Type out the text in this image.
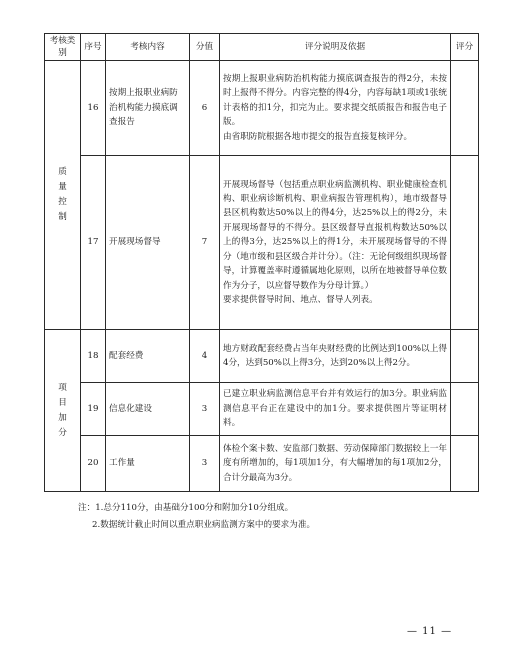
考核类别	序号	考核内容	分值	评分说明及依据	评分

质量控制	16	按期上报职业病防治机构能力摸底调查报告	6	按期上报职业病防治机构能力摸底调查报告的得2分，未按时上报得不得分。内容完整的得4分，内容每缺1项或1张统计表格的扣1分，扣完为止。要求提交纸质报告和报告电子版。
由省职防院根据各地市提交的报告直接复核评分。	
	17	开展现场督导	7	开展现场督导（包括重点职业病监测机构、职业健康检查机构、职业病诊断机构、职业病报告管理机构），地市级督导县区机构数达50%以上的得4分，达25%以上的得2分，未开展现场督导的不得分。县区级督导直报机构数达50%以上的得3分，达25%以上的得1分，未开展现场督导的不得分（地市级和县区级合并计分）。（注：无论何级组织现场督导，计算覆盖率时遵循属地化原则，以所在地被督导单位数作为分子，以应督导数作为分母计算。）
要求提供督导时间、地点、督导人列表。	

项目加分	18	配套经费	4	地方财政配套经费占当年央财经费的比例达到100%以上得4分，达到50%以上得3分，达到20%以上得2分。	
	19	信息化建设	3	已建立职业病监测信息平台并有效运行的加3分。职业病监测信息平台正在建设中的加1分。要求提供图片等证明材料。	
	20	工作量	3	体检个案卡数、安监部门数据、劳动保障部门数据较上一年度有所增加的，每1项加1分，有大幅增加的每1项加2分，合计分最高为3分。	
注：1.总分110分，由基础分100分和附加分10分组成。
2.数据统计截止时间以重点职业病监测方案中的要求为准。
— 11 —
